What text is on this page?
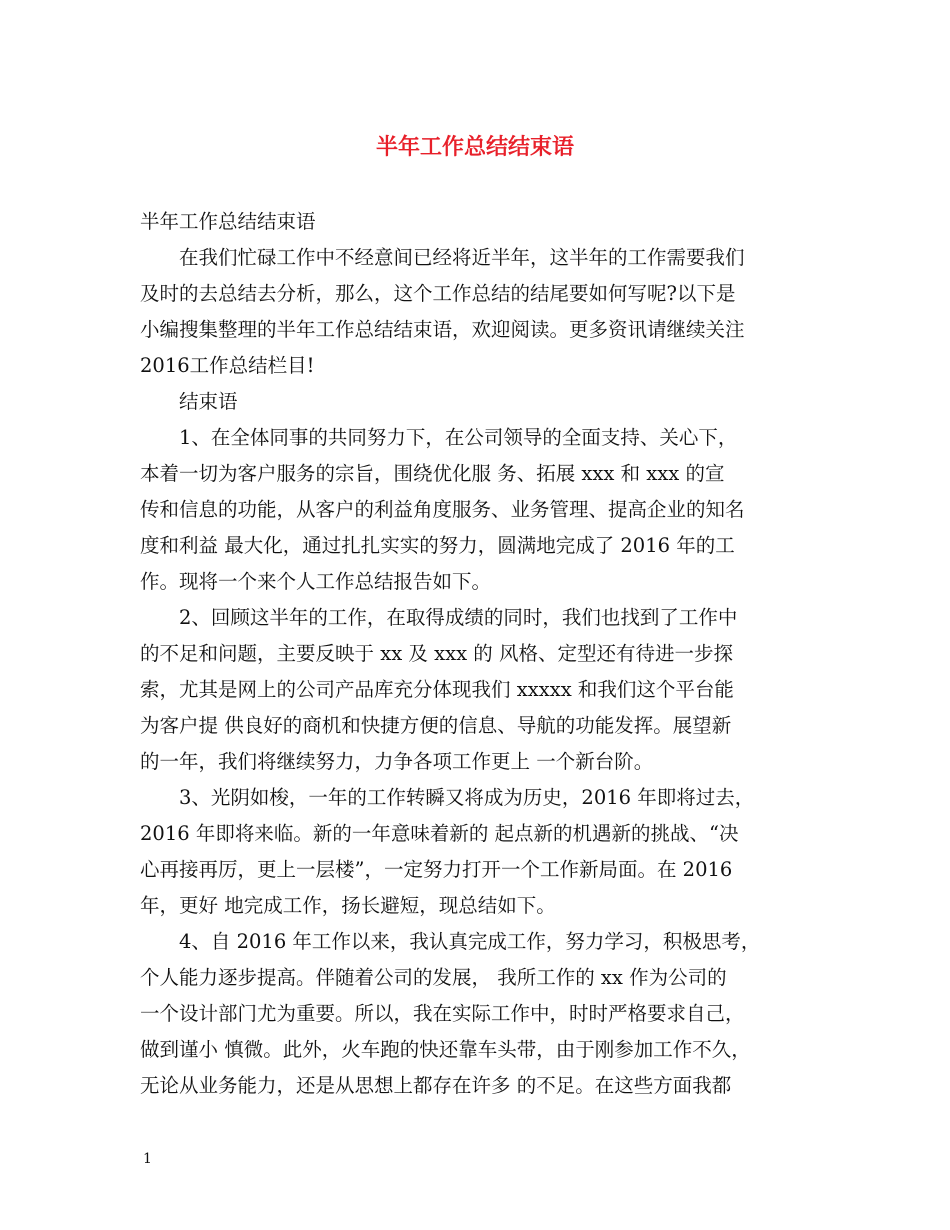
半年工作总结结束语
半年工作总结结束语
　　在我们忙碌工作中不经意间已经将近半年，这半年的工作需要我们
及时的去总结去分析，那么，这个工作总结的结尾要如何写呢?以下是
小编搜集整理的半年工作总结结束语，欢迎阅读。更多资讯请继续关注
2016工作总结栏目!
　　结束语
　　1、在全体同事的共同努力下，在公司领导的全面支持、关心下，
本着一切为客户服务的宗旨，围绕优化服 务、拓展 xxx 和 xxx 的宣
传和信息的功能，从客户的利益角度服务、业务管理、提高企业的知名
度和利益 最大化，通过扎扎实实的努力，圆满地完成了 2016 年的工
作。现将一个来个人工作总结报告如下。
　　2、回顾这半年的工作，在取得成绩的同时，我们也找到了工作中
的不足和问题，主要反映于 xx 及 xxx 的 风格、定型还有待进一步探
索，尤其是网上的公司产品库充分体现我们 xxxxx 和我们这个平台能
为客户提 供良好的商机和快捷方便的信息、导航的功能发挥。展望新
的一年，我们将继续努力，力争各项工作更上 一个新台阶。
　　3、光阴如梭，一年的工作转瞬又将成为历史，2016 年即将过去，
2016 年即将来临。新的一年意味着新的 起点新的机遇新的挑战、“决
心再接再厉，更上一层楼”，一定努力打开一个工作新局面。在 2016
年，更好 地完成工作，扬长避短，现总结如下。
　　4、自 2016 年工作以来，我认真完成工作，努力学习，积极思考，
个人能力逐步提高。伴随着公司的发展， 我所工作的 xx 作为公司的
一个设计部门尤为重要。所以，我在实际工作中，时时严格要求自己，
做到谨小 慎微。此外，火车跑的快还靠车头带，由于刚参加工作不久，
无论从业务能力，还是从思想上都存在许多 的不足。在这些方面我都
1
